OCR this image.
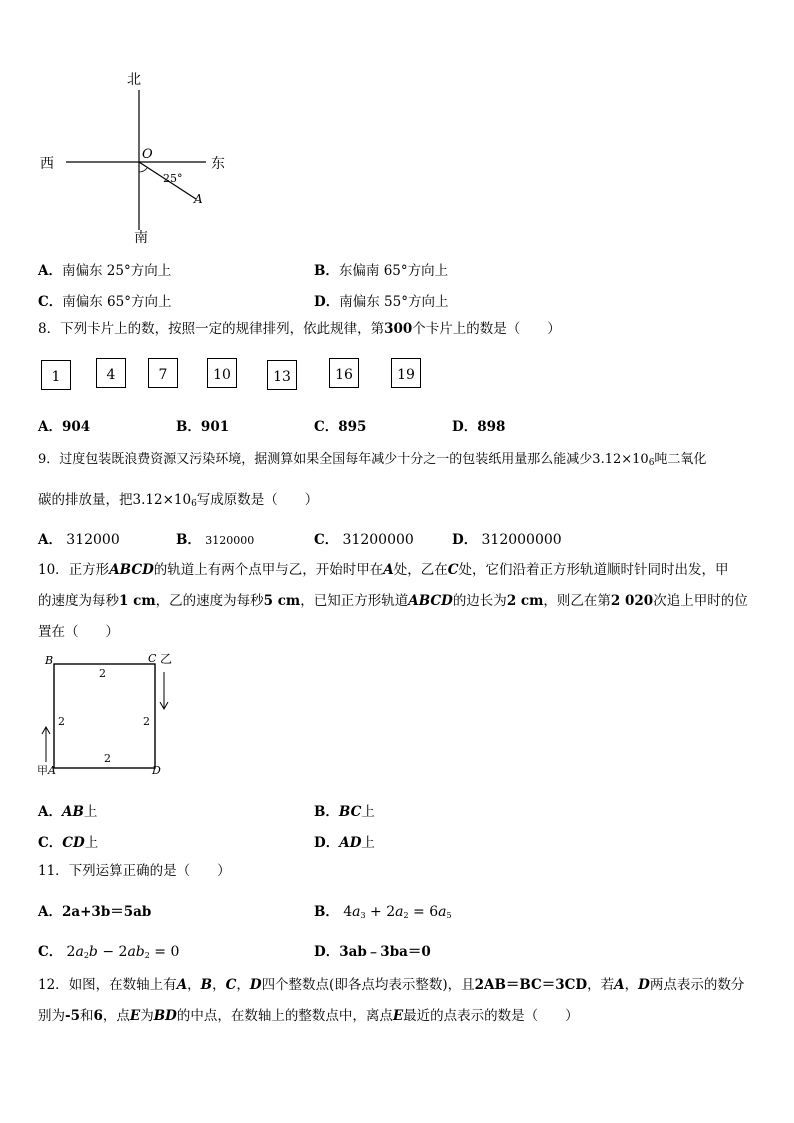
北
南
西	东
O
25°
A
A．南偏东 25°方向上	B．东偏南 65°方向上
C．南偏东 65°方向上	D．南偏东 55°方向上
8．下列卡片上的数，按照一定的规律排列，依此规律，第300个卡片上的数是（　　）
1	4	7	10	13	16	19
A．904	B．901	C．895	D．898
9．过度包装既浪费资源又污染环境，据测算如果全国每年减少十分之一的包装纸用量那么能减少3.12×106吨二氧化
碳的排放量，把3.12×106写成原数是（　　）
A． 312000	B． 3120000	C． 31200000	D． 312000000
10．正方形ABCD的轨道上有两个点甲与乙，开始时甲在A处，乙在C处，它们沿着正方形轨道顺时针同时出发，甲
的速度为每秒1 cm，乙的速度为每秒5 cm，已知正方形轨道ABCD的边长为2 cm，则乙在第2 020次追上甲时的位
置在（　　）
B	C 乙
A
甲	D
2
2	2
2
A．AB上	B．BC上
C．CD上	D．AD上
11．下列运算正确的是（　　）
A．2a+3b＝5ab	B． $4a^3 + 2a^2 = 6a^5$
C． $2a^2b - 2ab^2 = 0$	D．3ab﹣3ba＝0
12．如图，在数轴上有A，B，C，D四个整数点(即各点均表示整数)，且2AB＝BC＝3CD，若A，D两点表示的数分
别为-5和6，点E为BD的中点，在数轴上的整数点中，离点E最近的点表示的数是（　　）
